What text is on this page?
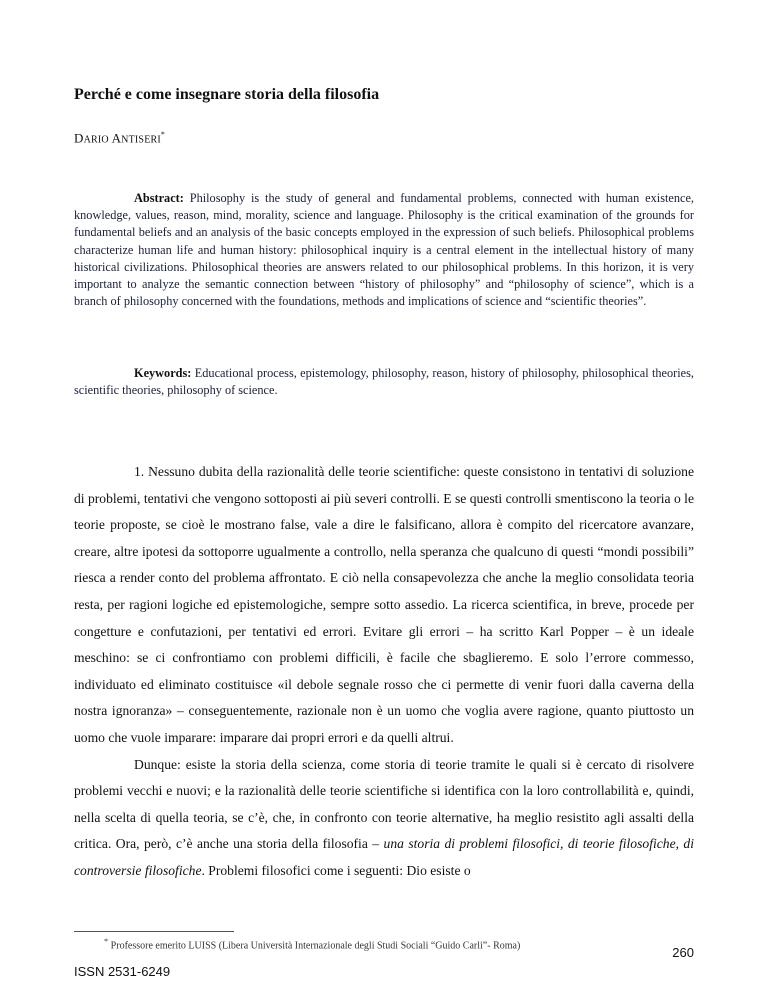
Perché e come insegnare storia della filosofia
DARIO ANTISERI*
Abstract: Philosophy is the study of general and fundamental problems, connected with human existence, knowledge, values, reason, mind, morality, science and language. Philosophy is the critical examination of the grounds for fundamental beliefs and an analysis of the basic concepts employed in the expression of such beliefs. Philosophical problems characterize human life and human history: philosophical inquiry is a central element in the intellectual history of many historical civilizations. Philosophical theories are answers related to our philosophical problems. In this horizon, it is very important to analyze the semantic connection between “history of philosophy” and “philosophy of science”, which is a branch of philosophy concerned with the foundations, methods and implications of science and “scientific theories”.
Keywords: Educational process, epistemology, philosophy, reason, history of philosophy, philosophical theories, scientific theories, philosophy of science.

1. Nessuno dubita della razionalità delle teorie scientifiche: queste consistono in tentativi di soluzione di problemi, tentativi che vengono sottoposti ai più severi controlli. E se questi controlli smentiscono la teoria o le teorie proposte, se cioè le mostrano false, vale a dire le falsificano, allora è compito del ricercatore avanzare, creare, altre ipotesi da sottoporre ugualmente a controllo, nella speranza che qualcuno di questi “mondi possibili” riesca a render conto del problema affrontato. E ciò nella consapevolezza che anche la meglio consolidata teoria resta, per ragioni logiche ed epistemologiche, sempre sotto assedio. La ricerca scientifica, in breve, procede per congetture e confutazioni, per tentativi ed errori. Evitare gli errori – ha scritto Karl Popper – è un ideale meschino: se ci confrontiamo con problemi difficili, è facile che sbaglieremo. E solo l’errore commesso, individuato ed eliminato costituisce «il debole segnale rosso che ci permette di venir fuori dalla caverna della nostra ignoranza» – conseguentemente, razionale non è un uomo che voglia avere ragione, quanto piuttosto un uomo che vuole imparare: imparare dai propri errori e da quelli altrui.

Dunque: esiste la storia della scienza, come storia di teorie tramite le quali si è cercato di risolvere problemi vecchi e nuovi; e la razionalità delle teorie scientifiche si identifica con la loro controllabilità e, quindi, nella scelta di quella teoria, se c’è, che, in confronto con teorie alternative, ha meglio resistito agli assalti della critica. Ora, però, c’è anche una storia della filosofia – una storia di problemi filosofici, di teorie filosofiche, di controversie filosofiche. Problemi filosofici come i seguenti: Dio esiste o

* Professore emerito LUISS (Libera Università Internazionale degli Studi Sociali “Guido Carli”- Roma)	260
ISSN 2531-6249
